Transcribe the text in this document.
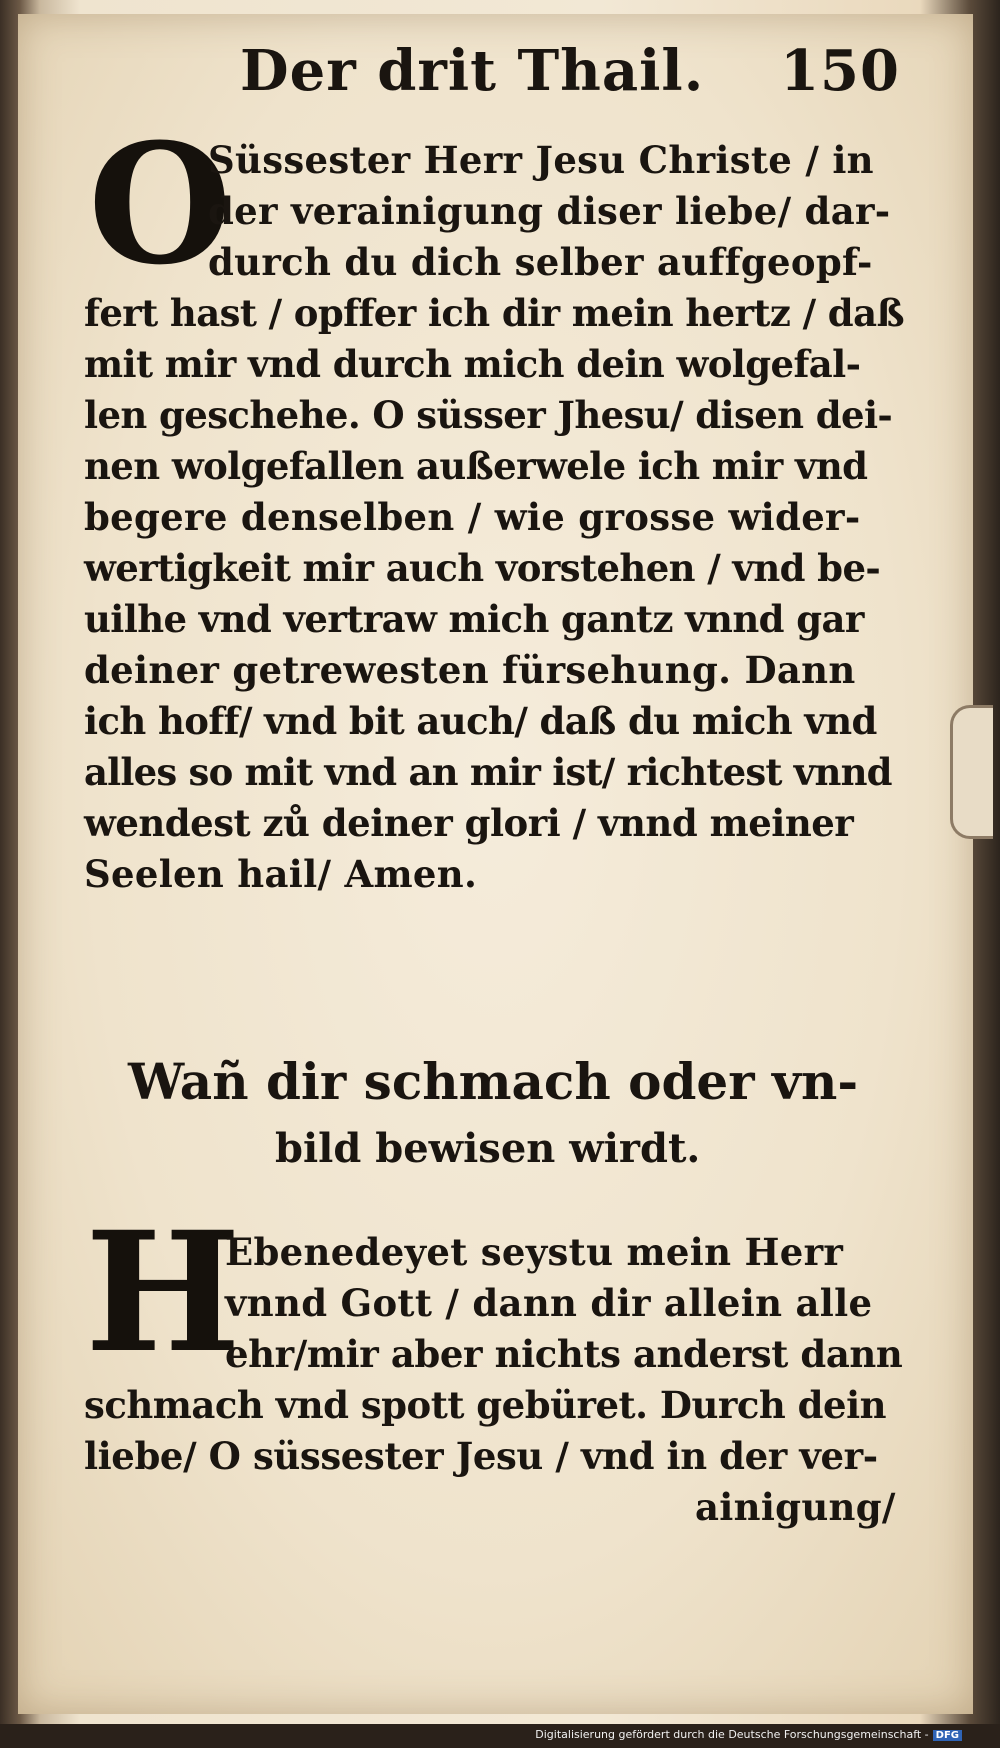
Der drit Thail. 150
O
Süssester Herr Jesu Christe / in
der verainigung diser liebe/ dar-
durch du dich selber auffgeopf-
fert hast / opffer ich dir mein hertz / daß
mit mir vnd durch mich dein wolgefal-
len geschehe. O süsser Jhesu/ disen dei-
nen wolgefallen außerwele ich mir vnd
begere denselben / wie grosse wider-
wertigkeit mir auch vorstehen / vnd be-
uilhe vnd vertraw mich gantz vnnd gar
deiner getrewesten fürsehung. Dann
ich hoff/ vnd bit auch/ daß du mich vnd
alles so mit vnd an mir ist/ richtest vnnd
wendest zů deiner glori / vnnd meiner
Seelen hail/ Amen.
Wañ dir schmach oder vn-
bild bewisen wirdt.
H
Ebenedeyet seystu mein Herr
vnnd Gott / dann dir allein alle
ehr/mir aber nichts anderst dann
schmach vnd spott gebüret. Durch dein
liebe/ O süssester Jesu / vnd in der ver-
ainigung/
Digitalisierung gefördert durch die Deutsche Forschungsgemeinschaft - DFG
